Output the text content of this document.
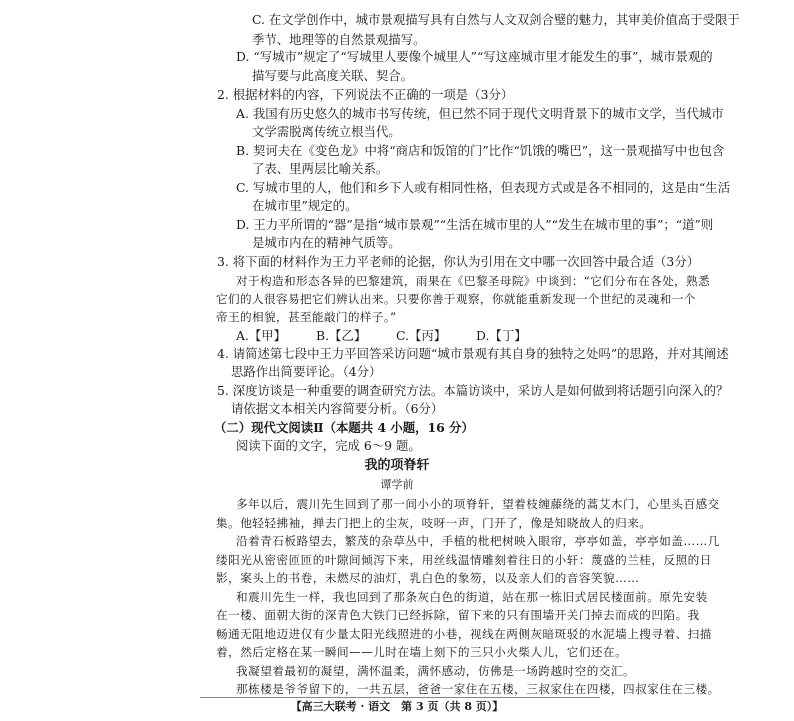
C. 在文学创作中，城市景观描写具有自然与人文双剑合璧的魅力，其审美价值高于受限于
季节、地理等的自然景观描写。
D. “写城市”规定了“写城里人要像个城里人”“写这座城市里才能发生的事”，城市景观的
描写要与此高度关联、契合。
2. 根据材料的内容，下列说法不正确的一项是（3分）
A. 我国有历史悠久的城市书写传统，但已然不同于现代文明背景下的城市文学，当代城市
文学需脱离传统立根当代。
B. 契诃夫在《变色龙》中将“商店和饭馆的门”比作“饥饿的嘴巴”，这一景观描写中也包含
了表、里两层比喻关系。
C. 写城市里的人，他们和乡下人或有相同性格，但表现方式或是各不相同的，这是由“生活
在城市里”规定的。
D. 王力平所谓的“器”是指“城市景观”“生活在城市里的人”“发生在城市里的事”；“道”则
是城市内在的精神气质等。
3. 将下面的材料作为王力平老师的论据，你认为引用在文中哪一次回答中最合适（3分）
对于构造和形态各异的巴黎建筑，雨果在《巴黎圣母院》中谈到：“它们分布在各处，熟悉
它们的人很容易把它们辨认出来。只要你善于观察，你就能重新发现一个世纪的灵魂和一个
帝王的相貌，甚至能敲门的样子。”
A.【甲】 B.【乙】 C.【丙】 D.【丁】
4. 请简述第七段中王力平回答采访问题“城市景观有其自身的独特之处吗”的思路，并对其阐述
思路作出简要评论。（4分）
5. 深度访谈是一种重要的调查研究方法。本篇访谈中，采访人是如何做到将话题引向深入的？
请依据文本相关内容简要分析。（6分）
（二）现代文阅读Ⅱ（本题共 4 小题，16 分）
阅读下面的文字，完成 6～9 题。
我的项脊轩
谭学前
多年以后，震川先生回到了那一间小小的项脊轩，望着枝缠藤绕的蒿艾木门，心里头百感交
集。他轻轻拂袖，掸去门把上的尘灰，吱呀一声，门开了，像是知晓故人的归来。
沿着青石板路望去，繁茂的杂草丛中，手植的枇杷树映入眼帘，亭亭如盖，亭亭如盖……几
缕阳光从密密匝匝的叶隙间倾泻下来，用丝线温情雕刻着往日的小轩：蔑盛的兰桂，反照的日
影，案头上的书卷，未燃尽的油灯，乳白色的象笏，以及亲人们的音容笑貌……
和震川先生一样，我也回到了那条灰白色的街道，站在那一栋旧式居民楼面前。原先安装
在一楼、面朝大街的深青色大铁门已经拆除，留下来的只有围墙开关门掉去而成的凹陷。我
畅通无阻地迈进仅有少量太阳光线照进的小巷，视线在两侧灰暗斑驳的水泥墙上搜寻着、扫描
着，然后定格在某一瞬间——儿时在墙上刻下的三只小火柴人儿，它们还在。
我凝望着最初的凝望，满怀温柔，满怀感动，仿佛是一场跨越时空的交汇。
那栋楼是爷爷留下的，一共五层，爸爸一家住在五楼，三叔家住在四楼，四叔家住在三楼。
【高三大联考 · 语文　第 3 页（共 8 页）】
